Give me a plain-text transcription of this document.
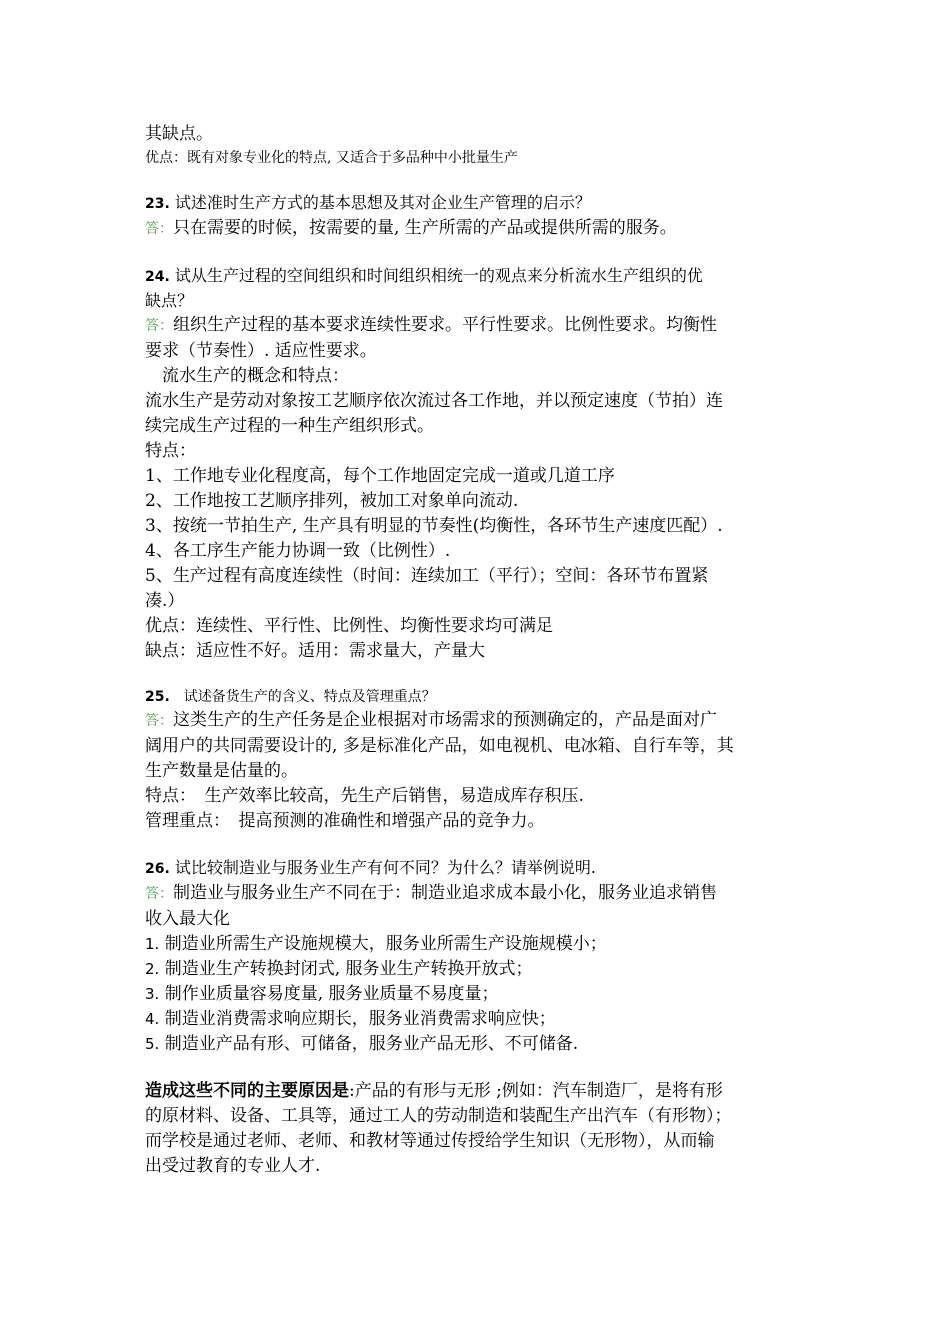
其缺点。
优点：既有对象专业化的特点, 又适合于多品种中小批量生产
23. 试述准时生产方式的基本思想及其对企业生产管理的启示？
答：只在需要的时候，按需要的量, 生产所需的产品或提供所需的服务。
24. 试从生产过程的空间组织和时间组织相统一的观点来分析流水生产组织的优
缺点？
答：组织生产过程的基本要求连续性要求。平行性要求。比例性要求。均衡性
要求（节奏性）. 适应性要求。
流水生产的概念和特点：
流水生产是劳动对象按工艺顺序依次流过各工作地，并以预定速度（节拍）连
续完成生产过程的一种生产组织形式。
特点：
1、工作地专业化程度高，每个工作地固定完成一道或几道工序
2、工作地按工艺顺序排列，被加工对象单向流动.
3、按统一节拍生产, 生产具有明显的节奏性(均衡性，各环节生产速度匹配）.
4、各工序生产能力协调一致（比例性）.
5、生产过程有高度连续性（时间：连续加工（平行）；空间：各环节布置紧
凑.）
优点：连续性、平行性、比例性、均衡性要求均可满足
缺点：适应性不好。适用：需求量大，产量大
25.　试述备货生产的含义、特点及管理重点？
答：这类生产的生产任务是企业根据对市场需求的预测确定的，产品是面对广
阔用户的共同需要设计的, 多是标准化产品，如电视机、电冰箱、自行车等，其
生产数量是估量的。
特点：　生产效率比较高，先生产后销售，易造成库存积压.
管理重点：　提高预测的准确性和增强产品的竞争力。
26. 试比较制造业与服务业生产有何不同？为什么？请举例说明.
答：制造业与服务业生产不同在于：制造业追求成本最小化，服务业追求销售
收入最大化
1. 制造业所需生产设施规模大，服务业所需生产设施规模小；
2. 制造业生产转换封闭式, 服务业生产转换开放式；
3. 制作业质量容易度量, 服务业质量不易度量；
4. 制造业消费需求响应期长，服务业消费需求响应快；
5. 制造业产品有形、可储备，服务业产品无形、不可储备.
造成这些不同的主要原因是:产品的有形与无形 ;例如：汽车制造厂，是将有形
的原材料、设备、工具等，通过工人的劳动制造和装配生产出汽车（有形物）；
而学校是通过老师、老师、和教材等通过传授给学生知识（无形物），从而输
出受过教育的专业人才.
